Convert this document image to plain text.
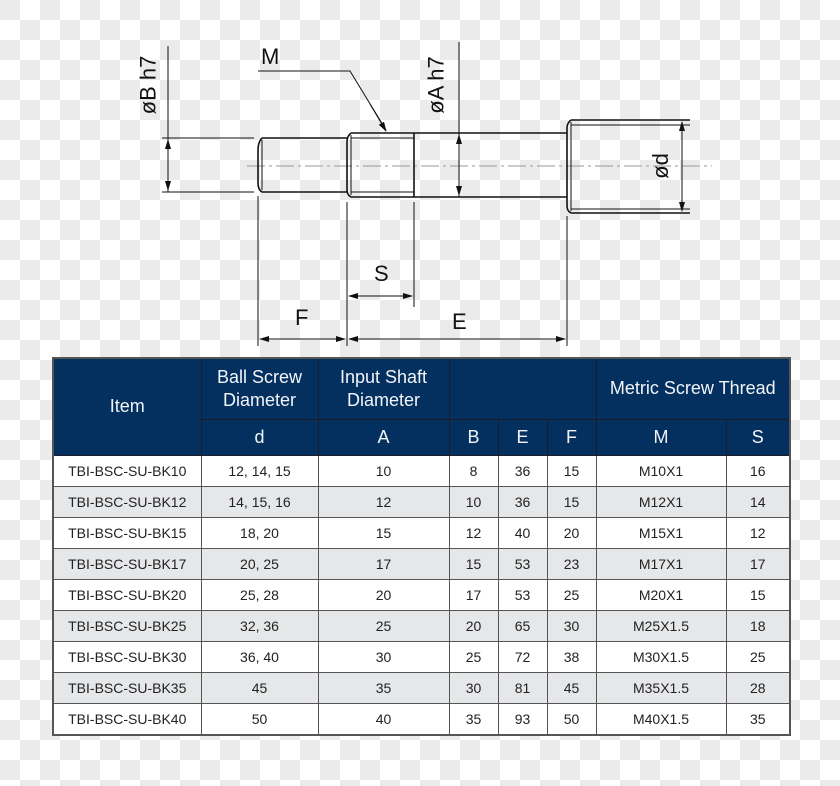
øB h7	M	øA h7
ød
S
F	E
Item	Ball Screw Diameter	Input Shaft Diameter				Metric Screw Thread	
	d	A	B	E	F	M	S
TBI-BSC-SU-BK10	12, 14, 15	10	8	36	15	M10X1	16
TBI-BSC-SU-BK12	14, 15, 16	12	10	36	15	M12X1	14
TBI-BSC-SU-BK15	18, 20	15	12	40	20	M15X1	12
TBI-BSC-SU-BK17	20, 25	17	15	53	23	M17X1	17
TBI-BSC-SU-BK20	25, 28	20	17	53	25	M20X1	15
TBI-BSC-SU-BK25	32, 36	25	20	65	30	M25X1.5	18
TBI-BSC-SU-BK30	36, 40	30	25	72	38	M30X1.5	25
TBI-BSC-SU-BK35	45	35	30	81	45	M35X1.5	28
TBI-BSC-SU-BK40	50	40	35	93	50	M40X1.5	35
